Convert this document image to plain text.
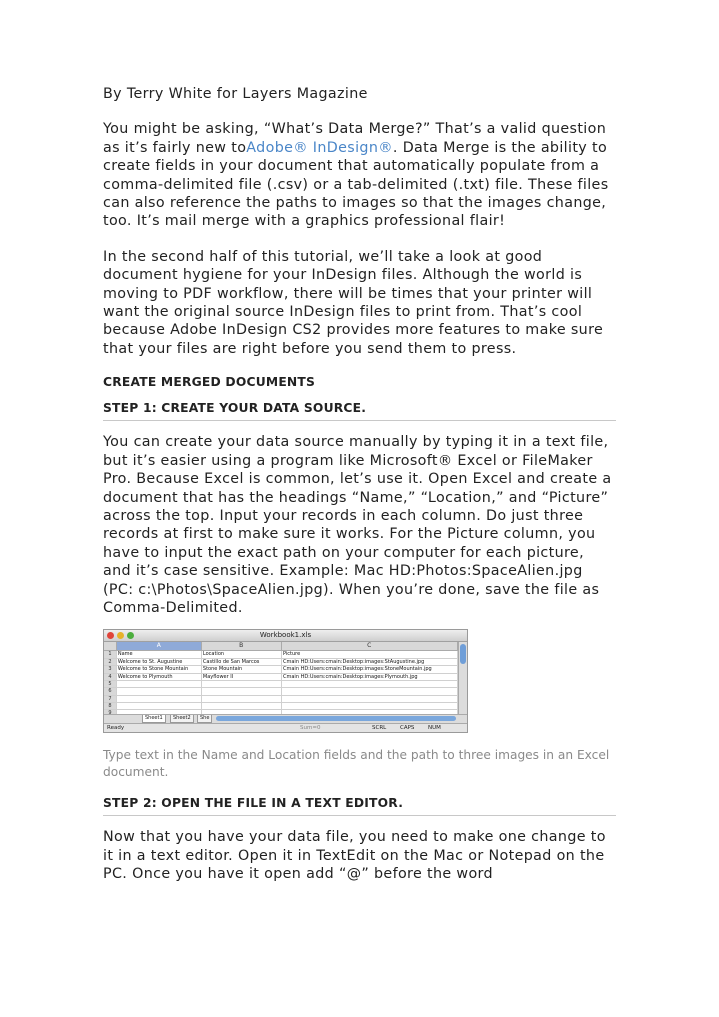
By Terry White for Layers Magazine

You might be asking, “What’s Data Merge?” That’s a valid question as it’s fairly new toAdobe® InDesign®. Data Merge is the ability to create fields in your document that automatically populate from a comma-delimited file (.csv) or a tab-delimited (.txt) file. These files can also reference the paths to images so that the images change, too. It’s mail merge with a graphics professional flair!

In the second half of this tutorial, we’ll take a look at good document hygiene for your InDesign files. Although the world is moving to PDF workflow, there will be times that your printer will want the original source InDesign files to print from. That’s cool because Adobe InDesign CS2 provides more features to make sure that your files are right before you send them to press.

CREATE MERGED DOCUMENTS
STEP 1: CREATE YOUR DATA SOURCE.

You can create your data source manually by typing it in a text file, but it’s easier using a program like Microsoft® Excel or FileMaker Pro. Because Excel is common, let’s use it. Open Excel and create a document that has the headings “Name,” “Location,” and “Picture” across the top. Input your records in each column. Do just three records at first to make sure it works. For the Picture column, you have to input the exact path on your computer for each picture, and it’s case sensitive. Example: Mac HD:Photos:SpaceAlien.jpg (PC: c:\Photos\SpaceAlien.jpg). When you’re done, save the file as Comma-Delimited.

Workbook1.xls
A	B	C
1	Name	Location	Picture
2	Welcome to St. Augustine	Castillo de San Marcos	Cmain HD:Users:cmain:Desktop:images:StAugustine.jpg
3	Welcome to Stone Mountain	Stone Mountain	Cmain HD:Users:cmain:Desktop:images:StoneMountain.jpg
4	Welcome to Plymouth	Mayflower II	Cmain HD:Users:cmain:Desktop:images:Plymouth.jpg
5
6
7
8
Sheet1	Sheet2	She
Ready	Sum=0	SCRL	CAPS NUM

Type text in the Name and Location fields and the path to three images in an Excel document.

STEP 2: OPEN THE FILE IN A TEXT EDITOR.

Now that you have your data file, you need to make one change to it in a text editor. Open it in TextEdit on the Mac or Notepad on the PC. Once you have it open add “@” before the word
